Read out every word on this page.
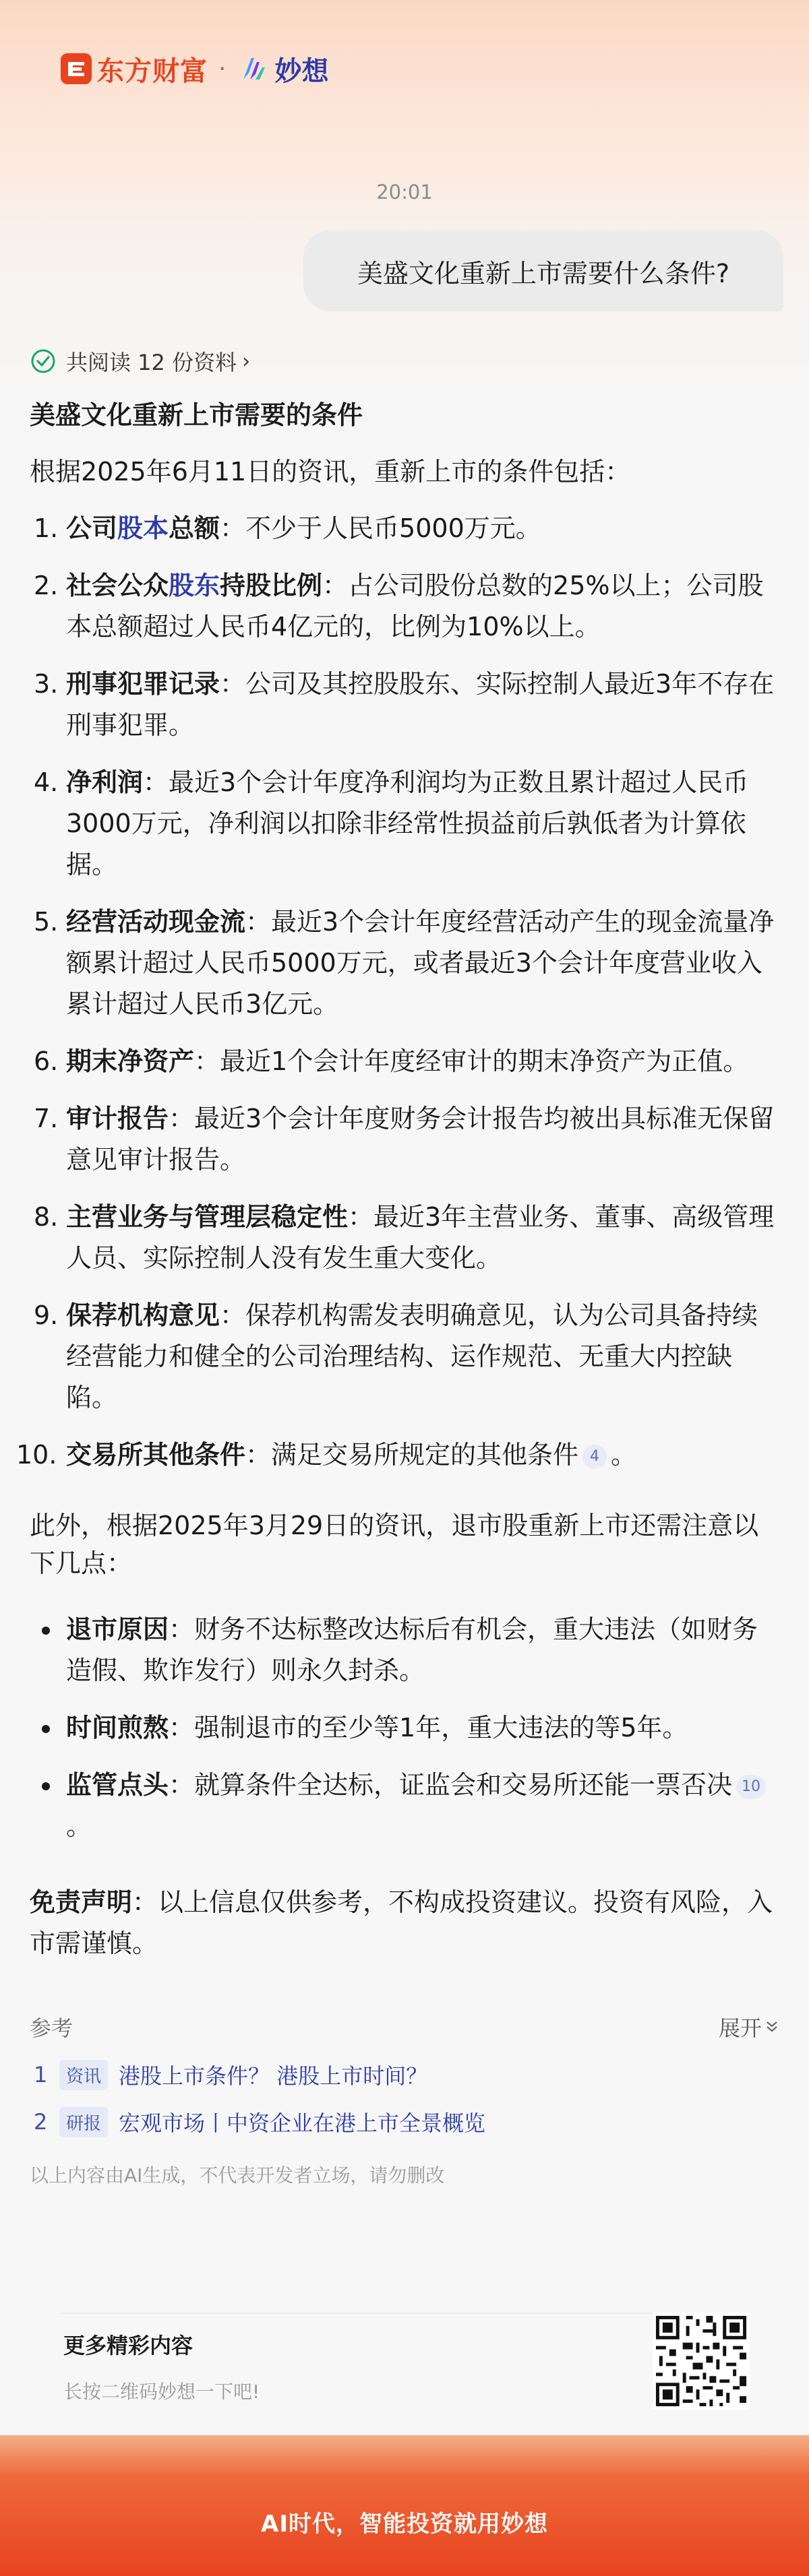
东方财富 · 妙想
20:01
美盛文化重新上市需要什么条件?
共阅读 12 份资料 ›
美盛文化重新上市需要的条件
根据2025年6月11日的资讯，重新上市的条件包括：
1. 公司股本总额：不少于人民币5000万元。
2. 社会公众股东持股比例：占公司股份总数的25%以上；公司股本总额超过人民币4亿元的，比例为10%以上。
3. 刑事犯罪记录：公司及其控股股东、实际控制人最近3年不存在刑事犯罪。
4. 净利润：最近3个会计年度净利润均为正数且累计超过人民币3000万元，净利润以扣除非经常性损益前后孰低者为计算依据。
5. 经营活动现金流：最近3个会计年度经营活动产生的现金流量净额累计超过人民币5000万元，或者最近3个会计年度营业收入累计超过人民币3亿元。
6. 期末净资产：最近1个会计年度经审计的期末净资产为正值。
7. 审计报告：最近3个会计年度财务会计报告均被出具标准无保留意见审计报告。
8. 主营业务与管理层稳定性：最近3年主营业务、董事、高级管理人员、实际控制人没有发生重大变化。
9. 保荐机构意见：保荐机构需发表明确意见，认为公司具备持续经营能力和健全的公司治理结构、运作规范、无重大内控缺陷。
10. 交易所其他条件：满足交易所规定的其他条件 4 。
此外，根据2025年3月29日的资讯，退市股重新上市还需注意以下几点：
退市原因：财务不达标整改达标后有机会，重大违法（如财务造假、欺诈发行）则永久封杀。
时间煎熬：强制退市的至少等1年，重大违法的等5年。
监管点头：就算条件全达标，证监会和交易所还能一票否决 10。
免责声明：以上信息仅供参考，不构成投资建议。投资有风险，入市需谨慎。
参考	展开
1	资讯 港股上市条件？ 港股上市时间？
2	研报 宏观市场丨中资企业在港上市全景概览
以上内容由AI生成，不代表开发者立场，请勿删改
更多精彩内容
长按二维码妙想一下吧!
AI时代，智能投资就用妙想
